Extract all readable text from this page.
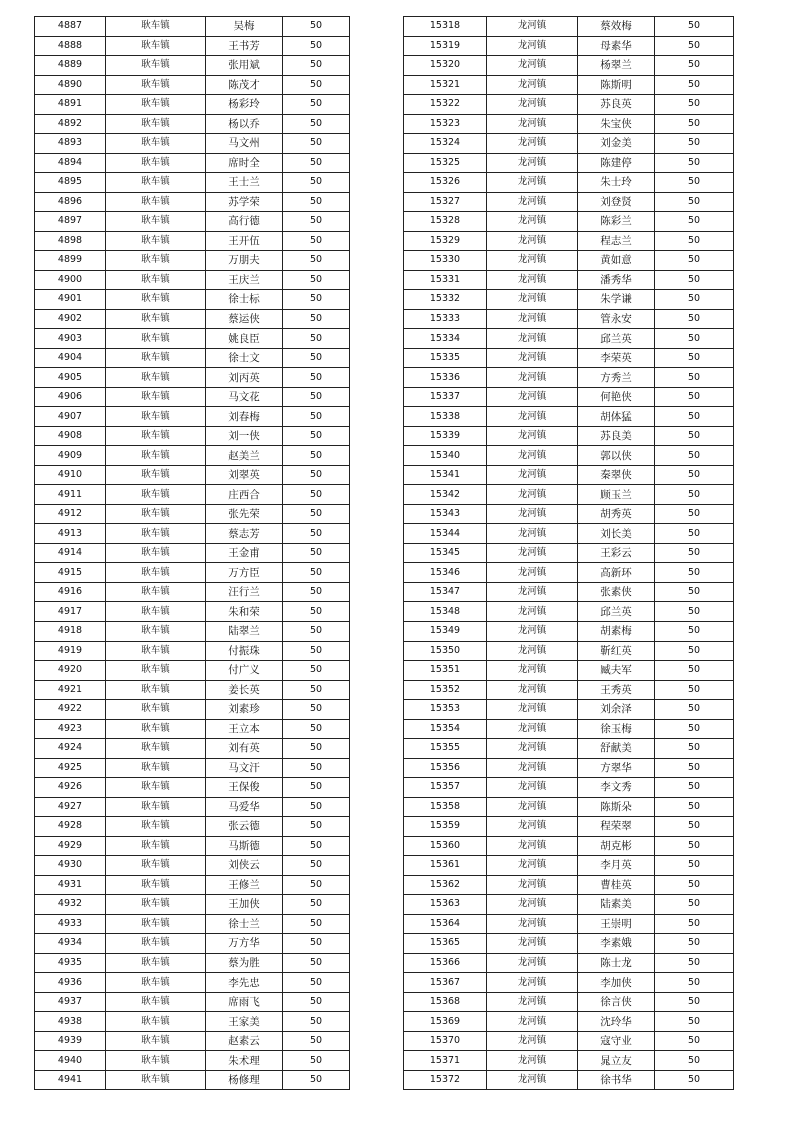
4887	耿车镇	吴梅	50
4888	耿车镇	王书芳	50
4889	耿车镇	张用斌	50
4890	耿车镇	陈茂才	50
4891	耿车镇	杨彩玲	50
4892	耿车镇	杨以乔	50
4893	耿车镇	马文州	50
4894	耿车镇	席时全	50
4895	耿车镇	王士兰	50
4896	耿车镇	苏学荣	50
4897	耿车镇	高行德	50
4898	耿车镇	王开伍	50
4899	耿车镇	万朋夫	50
4900	耿车镇	王庆兰	50
4901	耿车镇	徐士标	50
4902	耿车镇	蔡运侠	50
4903	耿车镇	姚良臣	50
4904	耿车镇	徐士文	50
4905	耿车镇	刘丙英	50
4906	耿车镇	马文花	50
4907	耿车镇	刘春梅	50
4908	耿车镇	刘一侠	50
4909	耿车镇	赵美兰	50
4910	耿车镇	刘翠英	50
4911	耿车镇	庄西合	50
4912	耿车镇	张先荣	50
4913	耿车镇	蔡志芳	50
4914	耿车镇	王金甫	50
4915	耿车镇	万方臣	50
4916	耿车镇	汪行兰	50
4917	耿车镇	朱和荣	50
4918	耿车镇	陆翠兰	50
4919	耿车镇	付振珠	50
4920	耿车镇	付广义	50
4921	耿车镇	姜长英	50
4922	耿车镇	刘素珍	50
4923	耿车镇	王立本	50
4924	耿车镇	刘有英	50
4925	耿车镇	马文汗	50
4926	耿车镇	王保俊	50
4927	耿车镇	马爱华	50
4928	耿车镇	张云德	50
4929	耿车镇	马斯德	50
4930	耿车镇	刘侠云	50
4931	耿车镇	王修兰	50
4932	耿车镇	王加侠	50
4933	耿车镇	徐士兰	50
4934	耿车镇	万方华	50
4935	耿车镇	蔡为胜	50
4936	耿车镇	李先忠	50
4937	耿车镇	席雨飞	50
4938	耿车镇	王家美	50
4939	耿车镇	赵素云	50
4940	耿车镇	朱术理	50
4941	耿车镇	杨修理	50
15318	龙河镇	蔡效梅	50
15319	龙河镇	母素华	50
15320	龙河镇	杨翠兰	50
15321	龙河镇	陈斯明	50
15322	龙河镇	苏良英	50
15323	龙河镇	朱宝侠	50
15324	龙河镇	刘金美	50
15325	龙河镇	陈建停	50
15326	龙河镇	朱士玲	50
15327	龙河镇	刘登贤	50
15328	龙河镇	陈彩兰	50
15329	龙河镇	程志兰	50
15330	龙河镇	黄如意	50
15331	龙河镇	潘秀华	50
15332	龙河镇	朱学谦	50
15333	龙河镇	管永安	50
15334	龙河镇	邱兰英	50
15335	龙河镇	李荣英	50
15336	龙河镇	方秀兰	50
15337	龙河镇	何艳侠	50
15338	龙河镇	胡体猛	50
15339	龙河镇	苏良美	50
15340	龙河镇	郭以侠	50
15341	龙河镇	秦翠侠	50
15342	龙河镇	顾玉兰	50
15343	龙河镇	胡秀英	50
15344	龙河镇	刘长美	50
15345	龙河镇	王彩云	50
15346	龙河镇	高新环	50
15347	龙河镇	张素侠	50
15348	龙河镇	邱兰英	50
15349	龙河镇	胡素梅	50
15350	龙河镇	靳红英	50
15351	龙河镇	臧夫军	50
15352	龙河镇	王秀英	50
15353	龙河镇	刘余泽	50
15354	龙河镇	徐玉梅	50
15355	龙河镇	舒献美	50
15356	龙河镇	方翠华	50
15357	龙河镇	李文秀	50
15358	龙河镇	陈斯朵	50
15359	龙河镇	程荣翠	50
15360	龙河镇	胡克彬	50
15361	龙河镇	李月英	50
15362	龙河镇	曹桂英	50
15363	龙河镇	陆素美	50
15364	龙河镇	王崇明	50
15365	龙河镇	李素娥	50
15366	龙河镇	陈士龙	50
15367	龙河镇	李加侠	50
15368	龙河镇	徐言侠	50
15369	龙河镇	沈玲华	50
15370	龙河镇	寇守业	50
15371	龙河镇	晁立友	50
15372	龙河镇	徐书华	50
